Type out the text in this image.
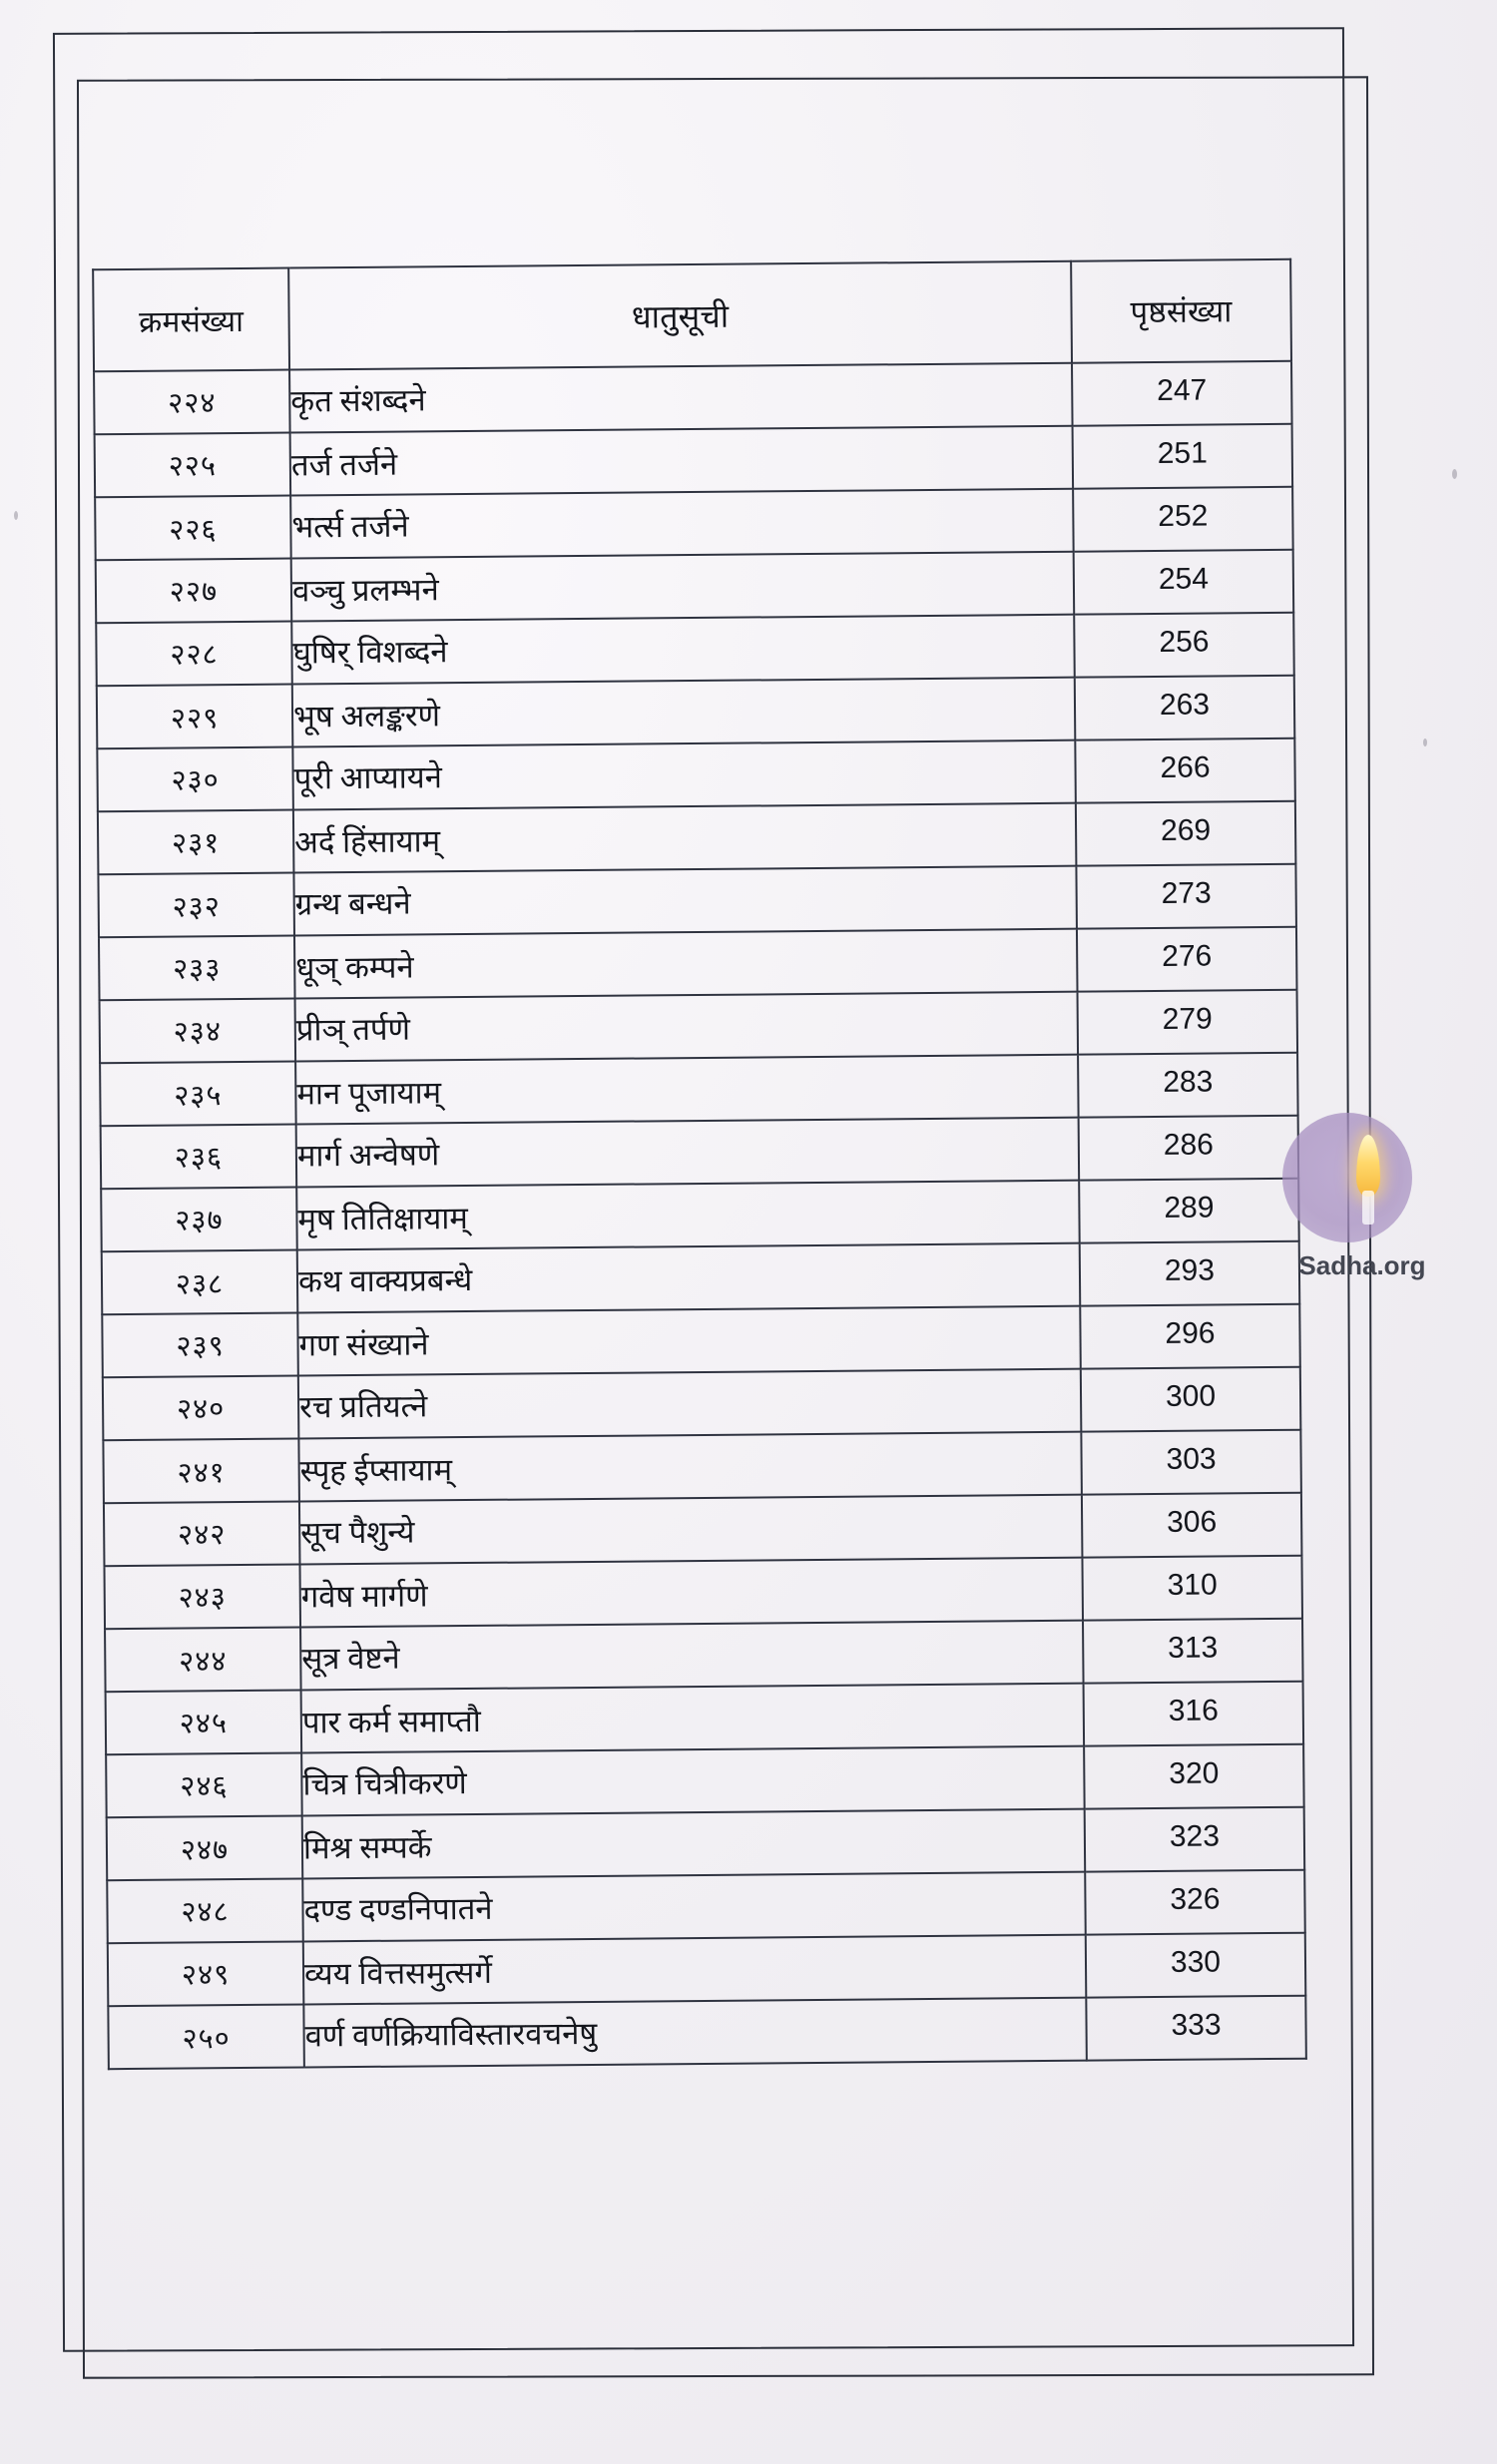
क्रमसंख्या	धातुसूची	पृष्ठसंख्या
२२४	कृत संशब्दने	247
२२५	तर्ज तर्जने	251
२२६	भर्त्स तर्जने	252
२२७	वञ्चु प्रलम्भने	254
२२८	घुषिर् विशब्दने	256
२२९	भूष अलङ्करणे	263
२३०	पूरी आप्यायने	266
२३१	अर्द हिंसायाम्	269
२३२	ग्रन्थ बन्धने	273
२३३	धूञ् कम्पने	276
२३४	प्रीञ् तर्पणे	279
२३५	मान पूजायाम्	283
२३६	मार्ग अन्वेषणे	286
२३७	मृष तितिक्षायाम्	289
२३८	कथ वाक्यप्रबन्धे	293
२३९	गण संख्याने	296
२४०	रच प्रतियत्ने	300
२४१	स्पृह ईप्सायाम्	303
२४२	सूच पैशुन्ये	306
२४३	गवेष मार्गणे	310
२४४	सूत्र वेष्टने	313
२४५	पार कर्म समाप्तौ	316
२४६	चित्र चित्रीकरणे	320
२४७	मिश्र सम्पर्के	323
२४८	दण्ड दण्डनिपातने	326
२४९	व्यय वित्तसमुत्सर्गे	330
२५०	वर्ण वर्णक्रियाविस्तारवचनेषु	333
Sadha.org
